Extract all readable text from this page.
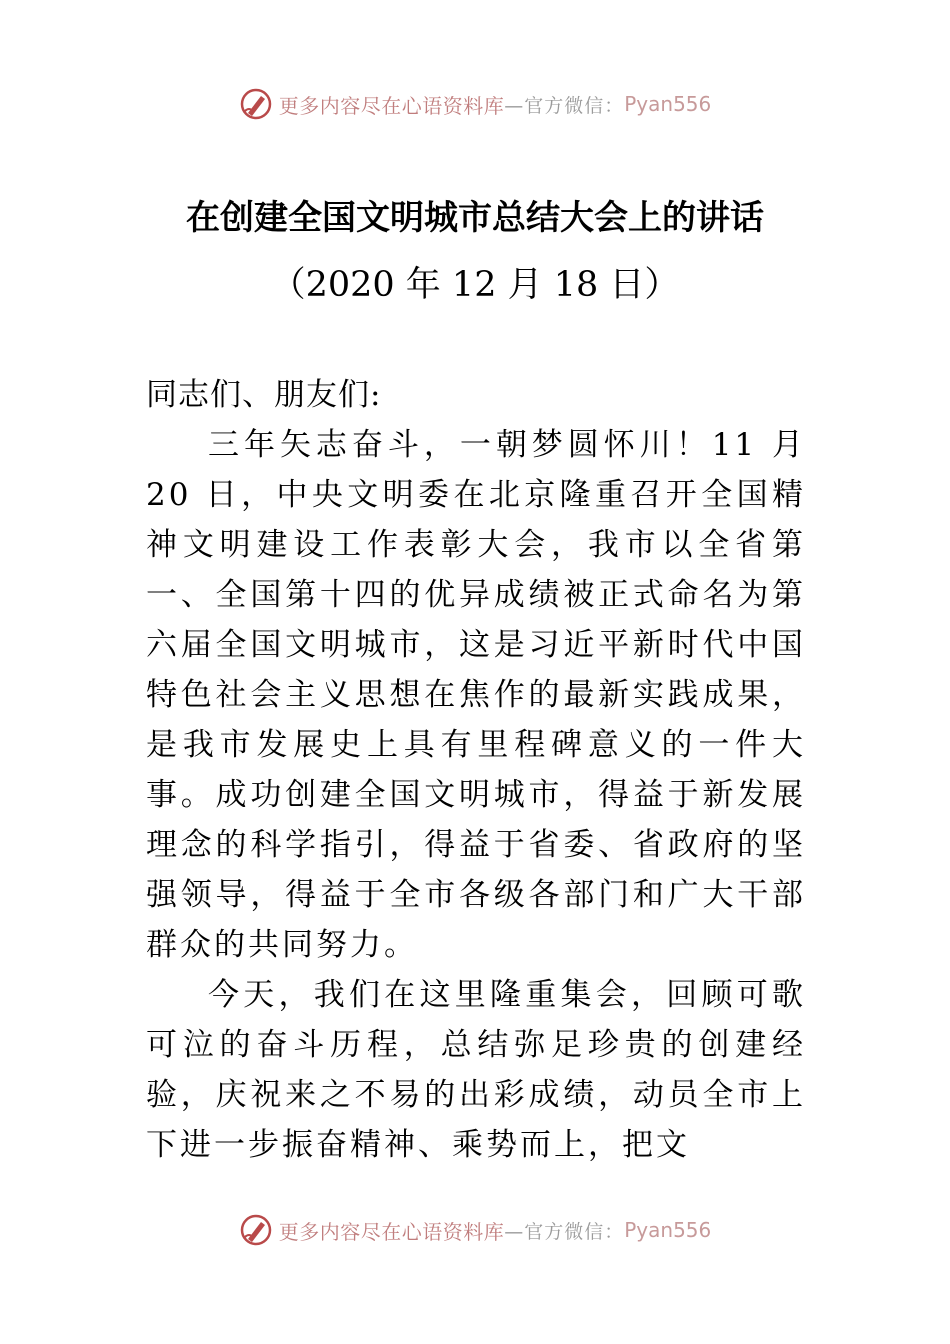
更多内容尽在心语资料库 —官方微信： Pyan556
在创建全国文明城市总结大会上的讲话
（2020 年 12 月 18 日）

同志们、朋友们:

三年矢志奋斗，一朝梦圆怀川！11 月 20 日，中央文明委在北京隆重召开全国精神文明建设工作表彰大会，我市以全省第一、全国第十四的优异成绩被正式命名为第六届全国文明城市，这是习近平新时代中国特色社会主义思想在焦作的最新实践成果，是我市发展史上具有里程碑意义的一件大事。成功创建全国文明城市，得益于新发展理念的科学指引，得益于省委、省政府的坚强领导，得益于全市各级各部门和广大干部群众的共同努力。

今天，我们在这里隆重集会，回顾可歌可泣的奋斗历程，总结弥足珍贵的创建经验，庆祝来之不易的出彩成绩，动员全市上下进一步振奋精神、乘势而上，把文

更多内容尽在心语资料库 —官方微信： Pyan556
